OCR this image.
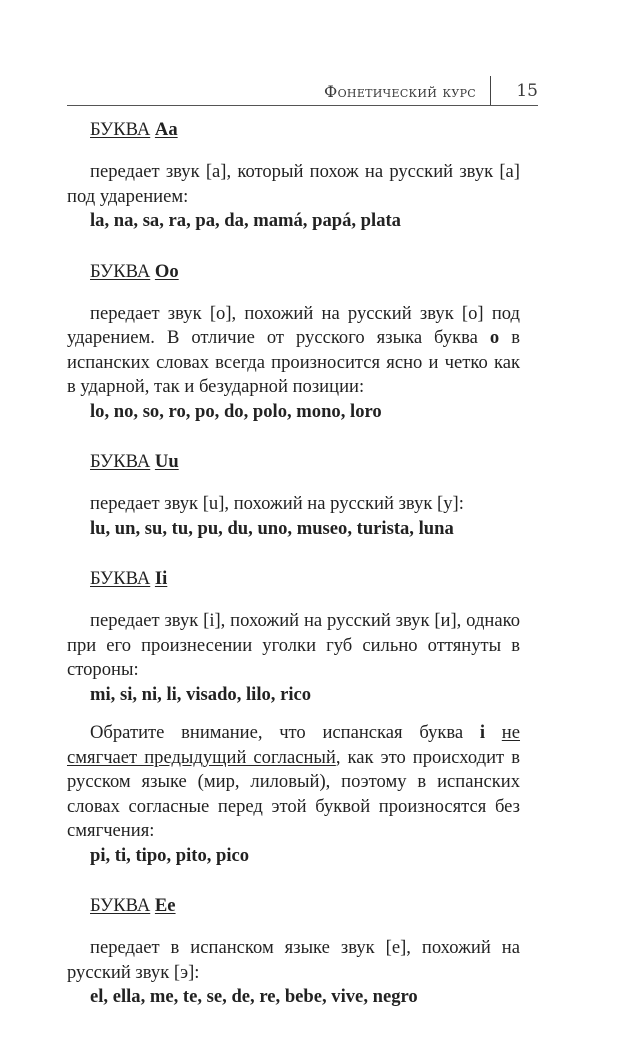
Фонетический курс 15

БУКВА Aa

передает звук [a], который похож на русский звук [а] под ударением:

la, na, sa, ra, pa, da, mamá, papá, plata

БУКВА Oo

передает звук [o], похожий на русский звук [о] под ударением. В отличие от русского языка буква o в испанских словах всегда произносится ясно и четко как в ударной, так и безударной позиции:

lo, no, so, ro, po, do, polo, mono, loro

БУКВА Uu

передает звук [u], похожий на русский звук [у]:

lu, un, su, tu, pu, du, uno, museo, turista, luna

БУКВА Ii

передает звук [i], похожий на русский звук [и], однако при его произнесении уголки губ сильно оттянуты в стороны:

mi, si, ni, li, visado, lilo, rico

Обратите внимание, что испанская буква i не смягчает предыдущий согласный, как это происходит в русском языке (мир, лиловый), поэтому в испанских словах согласные перед этой буквой произносятся без смягчения:

pi, ti, tipo, pito, pico

БУКВА Ee

передает в испанском языке звук [e], похожий на русский звук [э]:

el, ella, me, te, se, de, re, bebe, vive, negro
